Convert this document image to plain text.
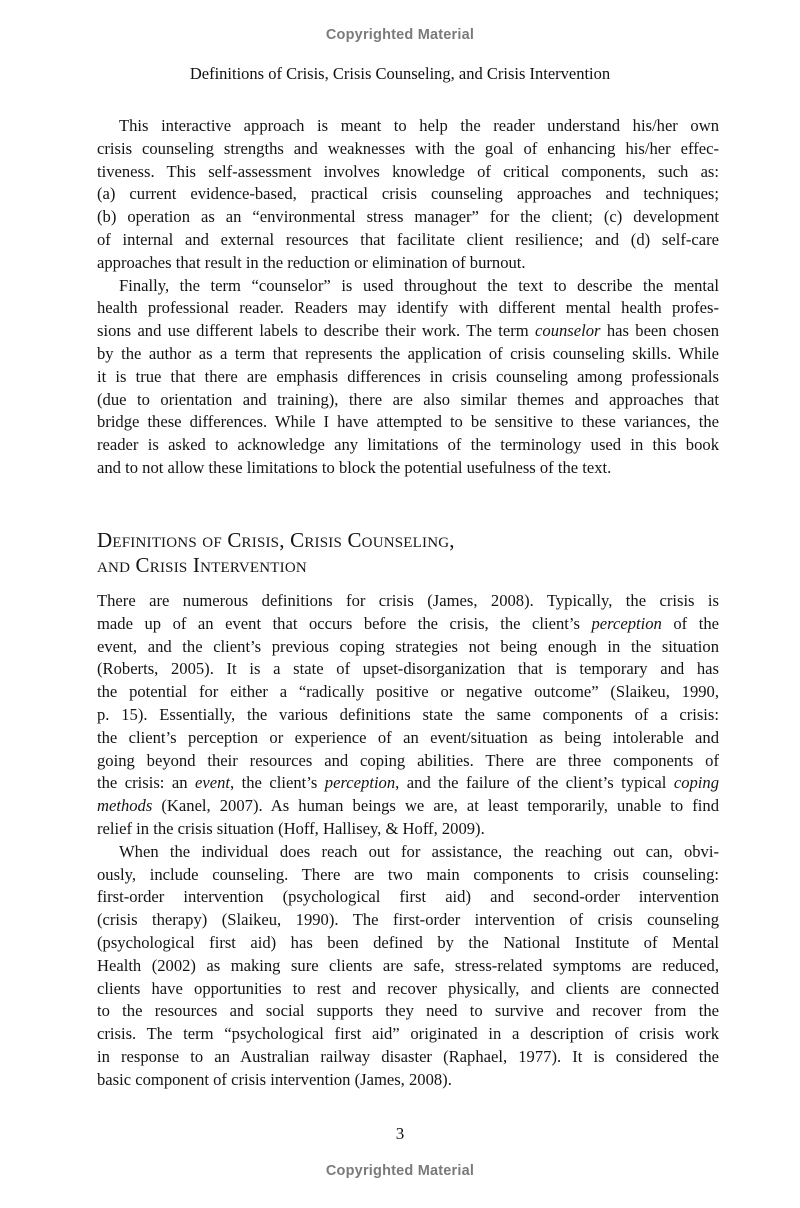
Copyrighted Material
Definitions of Crisis, Crisis Counseling, and Crisis Intervention
This interactive approach is meant to help the reader understand his/her own
crisis counseling strengths and weaknesses with the goal of enhancing his/her effec-
tiveness. This self-assessment involves knowledge of critical components, such as:
(a) current evidence-based, practical crisis counseling approaches and techniques;
(b) operation as an “environmental stress manager” for the client; (c) development
of internal and external resources that facilitate client resilience; and (d) self-care
approaches that result in the reduction or elimination of burnout.
Finally, the term “counselor” is used throughout the text to describe the mental
health professional reader. Readers may identify with different mental health profes-
sions and use different labels to describe their work. The term counselor has been chosen
by the author as a term that represents the application of crisis counseling skills. While
it is true that there are emphasis differences in crisis counseling among professionals
(due to orientation and training), there are also similar themes and approaches that
bridge these differences. While I have attempted to be sensitive to these variances, the
reader is asked to acknowledge any limitations of the terminology used in this book
and to not allow these limitations to block the potential usefulness of the text.
Definitions of Crisis, Crisis Counseling,
and Crisis Intervention
There are numerous definitions for crisis (James, 2008). Typically, the crisis is
made up of an event that occurs before the crisis, the client’s perception of the
event, and the client’s previous coping strategies not being enough in the situation
(Roberts, 2005). It is a state of upset-disorganization that is temporary and has
the potential for either a “radically positive or negative outcome” (Slaikeu, 1990,
p. 15). Essentially, the various definitions state the same components of a crisis:
the client’s perception or experience of an event/situation as being intolerable and
going beyond their resources and coping abilities. There are three components of
the crisis: an event, the client’s perception, and the failure of the client’s typical coping
methods (Kanel, 2007). As human beings we are, at least temporarily, unable to find
relief in the crisis situation (Hoff, Hallisey, & Hoff, 2009).
When the individual does reach out for assistance, the reaching out can, obvi-
ously, include counseling. There are two main components to crisis counseling:
first-order intervention (psychological first aid) and second-order intervention
(crisis therapy) (Slaikeu, 1990). The first-order intervention of crisis counseling
(psychological first aid) has been defined by the National Institute of Mental
Health (2002) as making sure clients are safe, stress-related symptoms are reduced,
clients have opportunities to rest and recover physically, and clients are connected
to the resources and social supports they need to survive and recover from the
crisis. The term “psychological first aid” originated in a description of crisis work
in response to an Australian railway disaster (Raphael, 1977). It is considered the
basic component of crisis intervention (James, 2008).
3
Copyrighted Material
